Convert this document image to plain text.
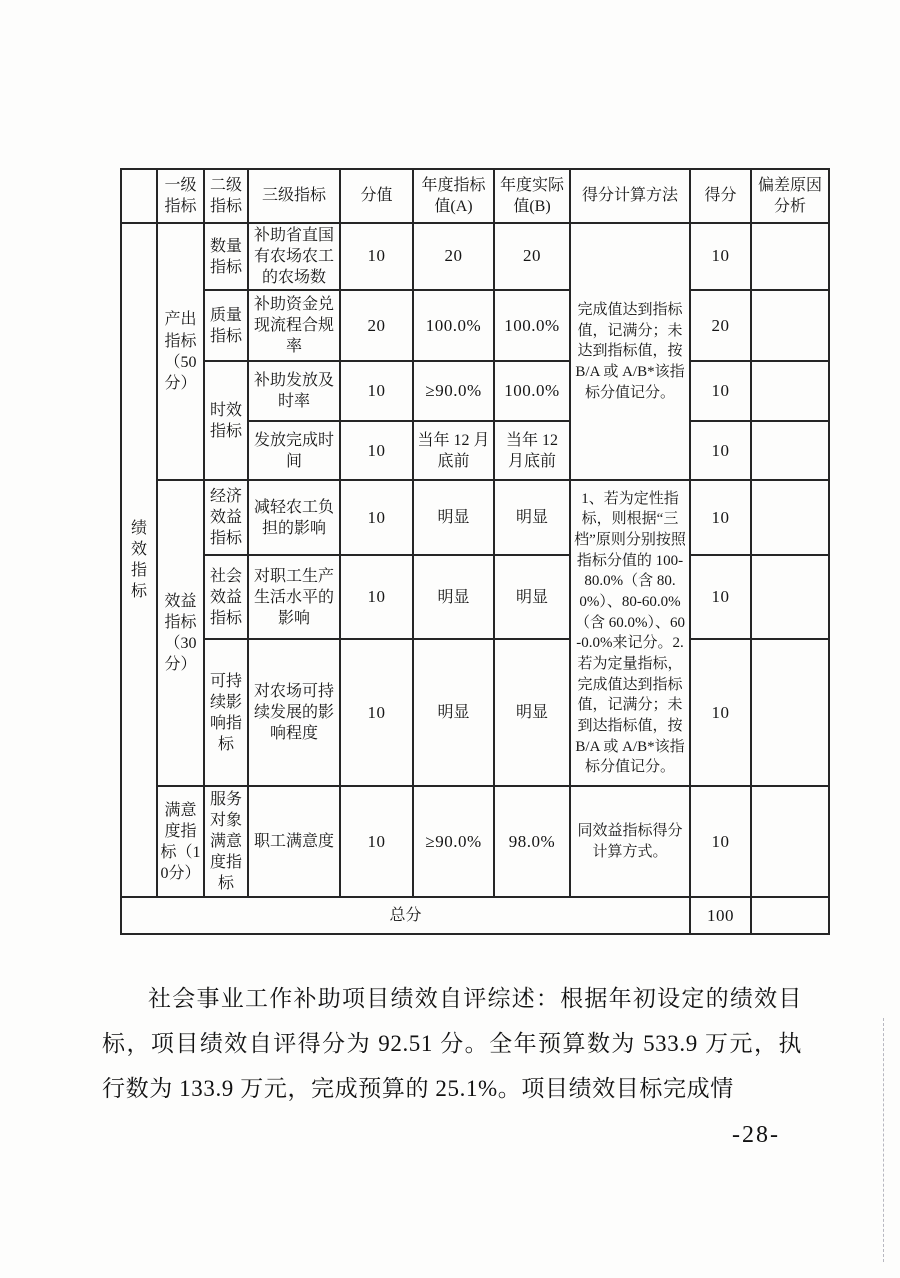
	一级指标	二级指标	三级指标	分值	年度指标值(A)	年度实际值(B)	得分计算方法	得分	偏差原因分析
绩效指标	产出指标（50分）	数量指标	补助省直国有农场农工的农场数	10	20	20	完成值达到指标值，记满分；未达到指标值，按 B/A 或 A/B*该指标分值记分。	10	
		质量指标	补助资金兑现流程合规率	20	100.0%	100.0%		20	
		时效指标	补助发放及时率	10	≥90.0%	100.0%		10	
			发放完成时间	10	当年 12 月底前	当年 12 月底前		10	
	效益指标（30分）	经济效益指标	减轻农工负担的影响	10	明显	明显	1、若为定性指标，则根据“三档”原则分别按照指标分值的 100-80.0%（含 80.0%）、80-60.0%（含 60.0%）、60-0.0%来记分。2.若为定量指标，完成值达到指标值，记满分；未到达指标值，按 B/A 或 A/B*该指标分值记分。	10	
		社会效益指标	对职工生产生活水平的影响	10	明显	明显		10	
		可持续影响指标	对农场可持续发展的影响程度	10	明显	明显		10	
	满意度指标（10分）	服务对象满意度指标	职工满意度	10	≥90.0%	98.0%	同效益指标得分计算方式。	10	
总分								100	
社会事业工作补助项目绩效自评综述：根据年初设定的绩效目标，项目绩效自评得分为 92.51 分。全年预算数为 533.9 万元，执行数为 133.9 万元，完成预算的 25.1%。项目绩效目标完成情
-28-
